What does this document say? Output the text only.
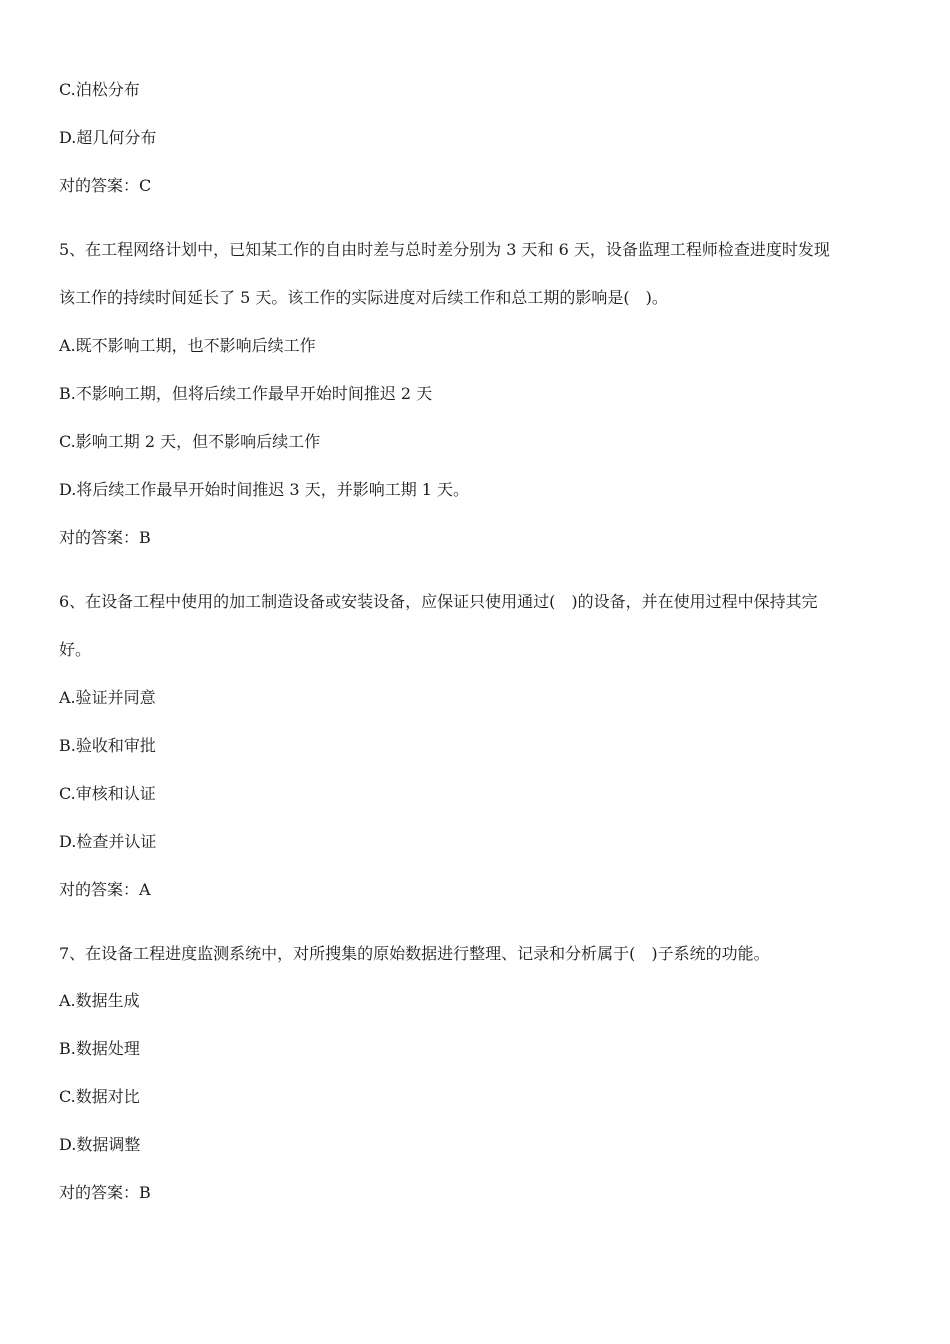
C.泊松分布
D.超几何分布
对的答案：C
5、在工程网络计划中，已知某工作的自由时差与总时差分别为 3 天和 6 天，设备监理工程师检查进度时发现
该工作的持续时间延长了 5 天。该工作的实际进度对后续工作和总工期的影响是(　)。
A.既不影响工期，也不影响后续工作
B.不影响工期，但将后续工作最早开始时间推迟 2 天
C.影响工期 2 天，但不影响后续工作
D.将后续工作最早开始时间推迟 3 天，并影响工期 1 天。
对的答案：B
6、在设备工程中使用的加工制造设备或安装设备，应保证只使用通过(　)的设备，并在使用过程中保持其完
好。
A.验证并同意
B.验收和审批
C.审核和认证
D.检查并认证
对的答案：A
7、在设备工程进度监测系统中，对所搜集的原始数据进行整理、记录和分析属于(　)子系统的功能。
A.数据生成
B.数据处理
C.数据对比
D.数据调整
对的答案：B
